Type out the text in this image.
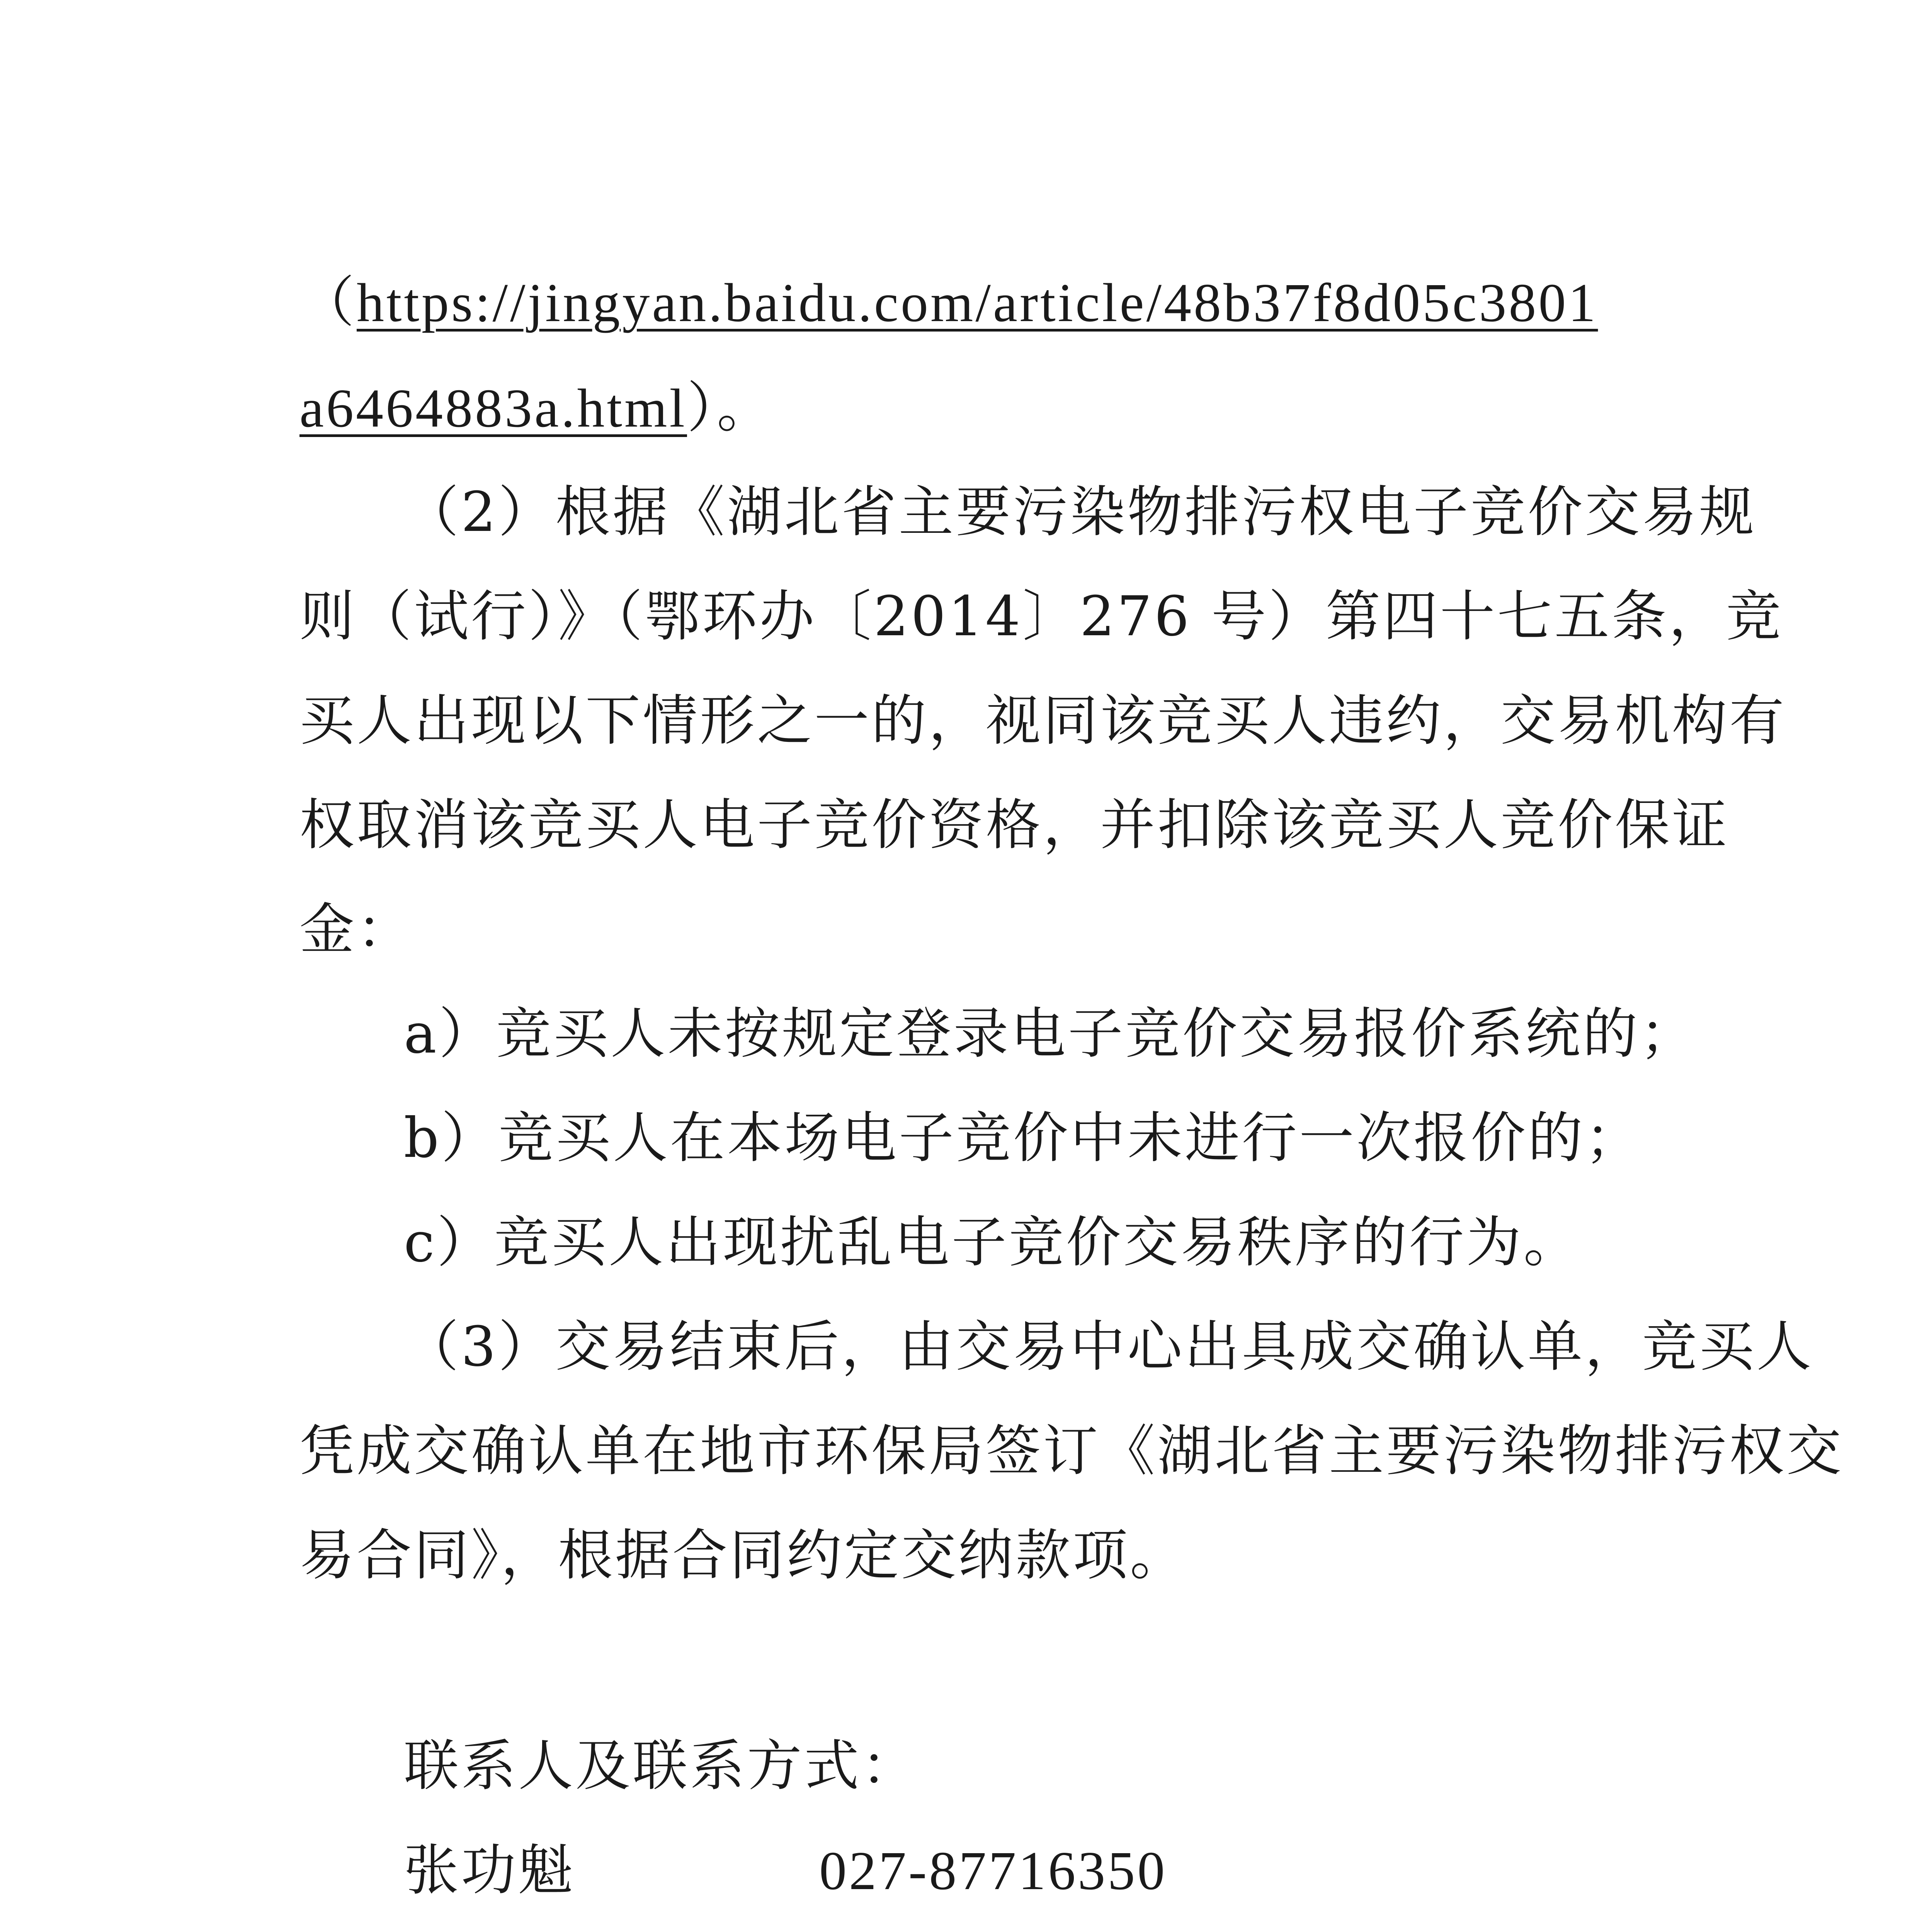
（https://jingyan.baidu.com/article/48b37f8d05c3801
a6464883a.html）。
（2）根据《湖北省主要污染物排污权电子竞价交易规
则（试行）》（鄂环办〔2014〕276 号）第四十七五条，竞
买人出现以下情形之一的，视同该竞买人违约，交易机构有
权取消该竞买人电子竞价资格，并扣除该竞买人竞价保证
金：
a）竞买人未按规定登录电子竞价交易报价系统的；
b）竞买人在本场电子竞价中未进行一次报价的；
c）竞买人出现扰乱电子竞价交易秩序的行为。
（3）交易结束后，由交易中心出具成交确认单，竞买人
凭成交确认单在地市环保局签订《湖北省主要污染物排污权交
易合同》，根据合同约定交纳款项。
联系人及联系方式：
张功魁	027-87716350
